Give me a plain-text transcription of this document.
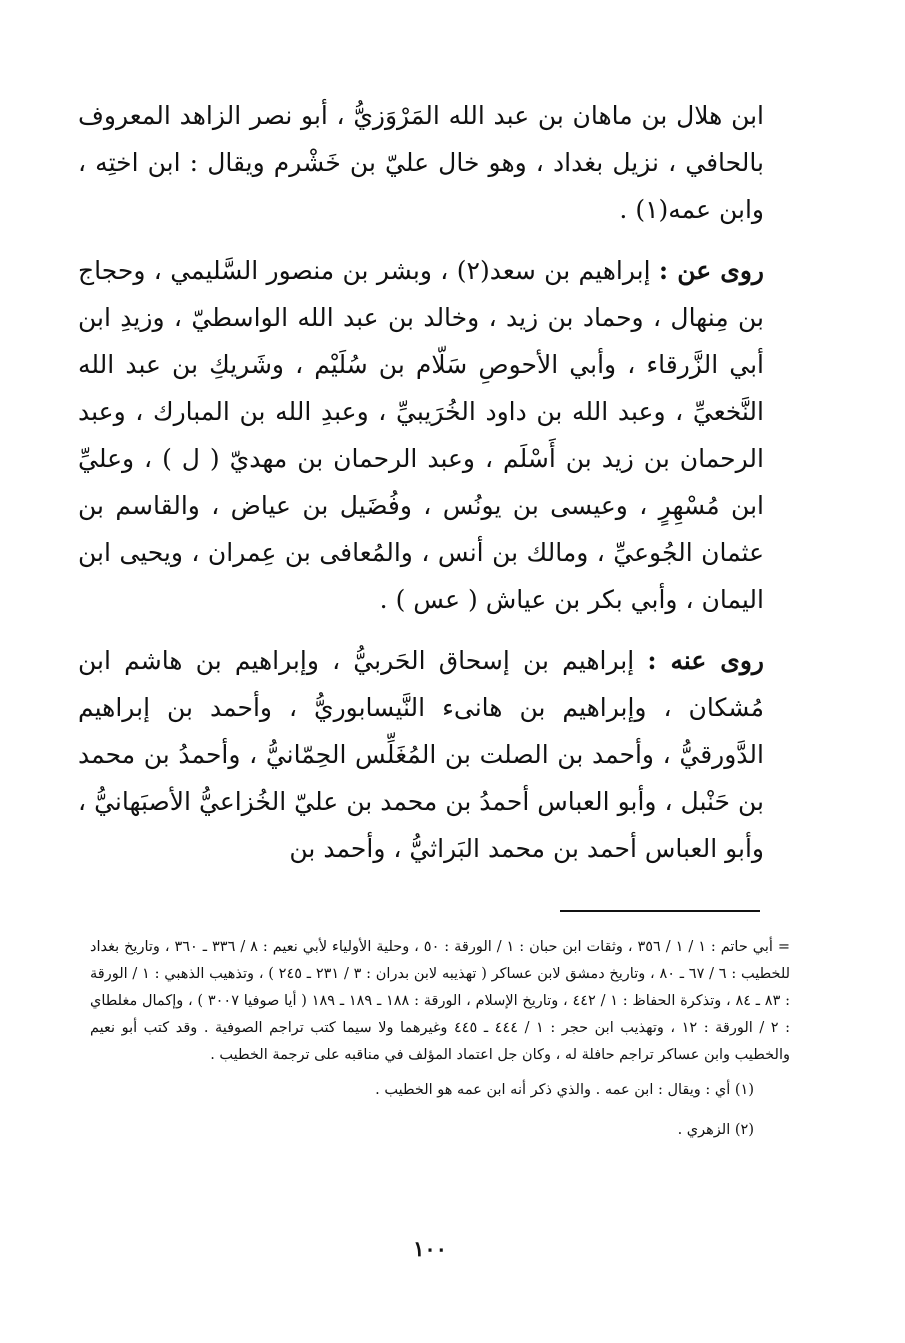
ابن هلال بن ماهان بن عبد الله المَرْوَزيُّ ، أبو نصر الزاهد المعروف بالحافي ، نزيل بغداد ، وهو خال عليّ بن خَشْرم ويقال : ابن اختِه ، وابن عمه(١) .

روى عن : إبراهيم بن سعد(٢) ، وبشر بن منصور السَّليمي ، وحجاج بن مِنهال ، وحماد بن زيد ، وخالد بن عبد الله الواسطيّ ، وزيدِ ابن أبي الزَّرقاء ، وأبي الأحوصِ سَلّام بن سُلَيْم ، وشَريكِ بن عبد الله النَّخعيِّ ، وعبد الله بن داود الخُرَيبيِّ ، وعبدِ الله بن المبارك ، وعبد الرحمان بن زيد بن أَسْلَم ، وعبد الرحمان بن مهديّ ( ل ) ، وعليِّ ابن مُسْهِرٍ ، وعيسى بن يونُس ، وفُضَيل بن عياض ، والقاسم بن عثمان الجُوعيِّ ، ومالك بن أنس ، والمُعافى بن عِمران ، ويحيى ابن اليمان ، وأبي بكر بن عياش ( عس ) .

روى عنه : إبراهيم بن إسحاق الحَربيُّ ، وإبراهيم بن هاشم ابن مُشكان ، وإبراهيم بن هانىء النَّيسابوريُّ ، وأحمد بن إبراهيم الدَّورقيُّ ، وأحمد بن الصلت بن المُغَلِّس الحِمّانيُّ ، وأحمدُ بن محمد بن حَنْبل ، وأبو العباس أحمدُ بن محمد بن عليّ الخُزاعيُّ الأصبَهانيُّ ، وأبو العباس أحمد بن محمد البَراثيُّ ، وأحمد بن

= أبي حاتم : ١ / ١ / ٣٥٦ ، وثقات ابن حبان : ١ / الورقة : ٥٠ ، وحلية الأولياء لأبي نعيم : ٨ / ٣٣٦ ـ ٣٦٠ ، وتاريخ بغداد للخطيب : ٦ / ٦٧ ـ ٨٠ ، وتاريخ دمشق لابن عساكر ( تهذيبه لابن بدران : ٣ / ٢٣١ ـ ٢٤٥ ) ، وتذهيب الذهبي : ١ / الورقة : ٨٣ ـ ٨٤ ، وتذكرة الحفاظ : ١ / ٤٤٢ ، وتاريخ الإسلام ، الورقة : ١٨٨ ـ ١٨٩ ـ ١٨٩ ( أيا صوفيا ٣٠٠٧ ) ، وإكمال مغلطاي : ٢ / الورقة : ١٢ ، وتهذيب ابن حجر : ١ / ٤٤٤ ـ ٤٤٥ وغيرهما ولا سيما كتب تراجم الصوفية . وقد كتب أبو نعيم والخطيب وابن عساكر تراجم حافلة له ، وكان جل اعتماد المؤلف في مناقبه على ترجمة الخطيب .

(١) أي : ويقال : ابن عمه . والذي ذكر أنه ابن عمه هو الخطيب .

(٢) الزهري .

١٠٠
